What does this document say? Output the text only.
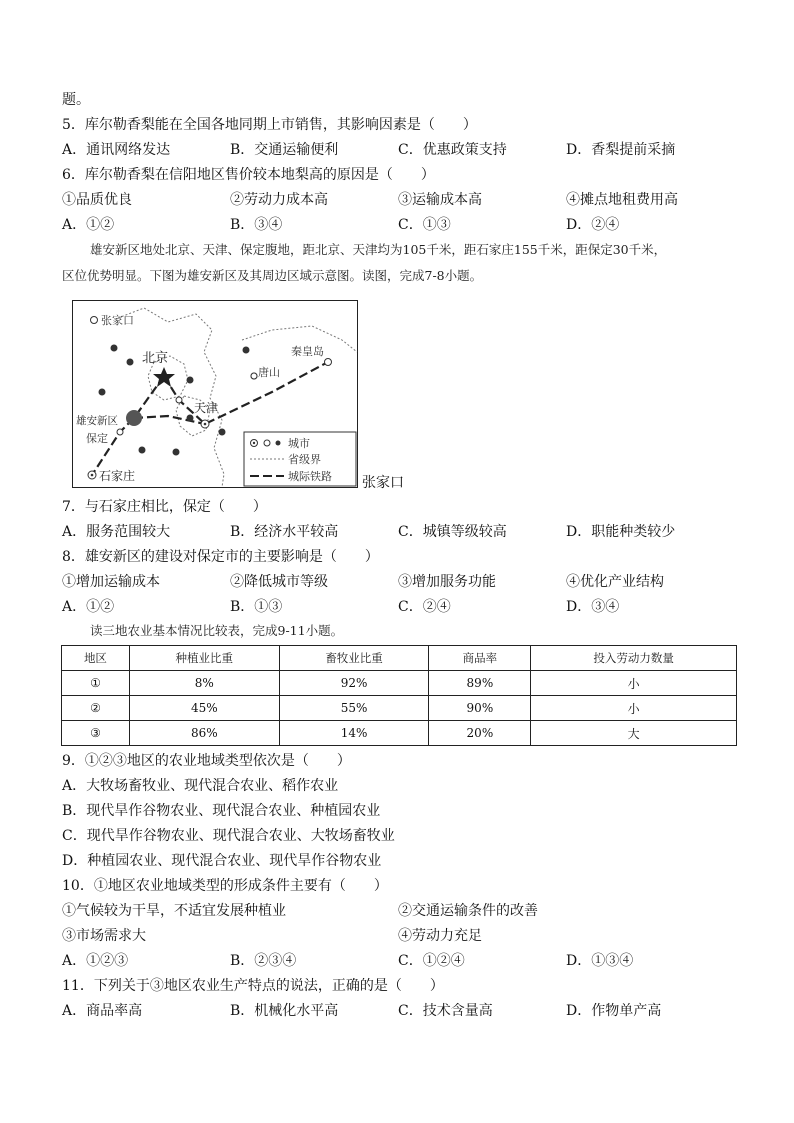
题。
5．库尔勒香梨能在全国各地同期上市销售，其影响因素是（　　）
A．通讯网络发达	B．交通运输便利	C．优惠政策支持	D．香梨提前采摘
6．库尔勒香梨在信阳地区售价较本地梨高的原因是（　　）
①品质优良	②劳动力成本高	③运输成本高	④摊点地租费用高
A．①②	B．③④	C．①③	D．②④
雄安新区地处北京、天津、保定腹地，距北京、天津均为105千米，距石家庄155千米，距保定30千米，
区位优势明显。下图为雄安新区及其周边区域示意图。读图，完成7-8小题。
张家口
北京	秦皇岛
唐山
天津
雄安新区
保定
石家庄
城市
省级界
城际铁路 张家口
7．与石家庄相比，保定（　　）
A．服务范围较大	B．经济水平较高	C．城镇等级较高	D．职能种类较少
8．雄安新区的建设对保定市的主要影响是（　　）
①增加运输成本	②降低城市等级	③增加服务功能	④优化产业结构
A．①②	B．①③	C．②④	D．③④
读三地农业基本情况比较表，完成9-11小题。
地区	种植业比重	畜牧业比重	商品率	投入劳动力数量
①	8%	92%	89%	小
②	45%	55%	90%	小
③	86%	14%	20%	大
9．①②③地区的农业地域类型依次是（　　）
A．大牧场畜牧业、现代混合农业、稻作农业
B．现代旱作谷物农业、现代混合农业、种植园农业
C．现代旱作谷物农业、现代混合农业、大牧场畜牧业
D．种植园农业、现代混合农业、现代旱作谷物农业
10．①地区农业地域类型的形成条件主要有（　　）
①气候较为干旱，不适宜发展种植业	②交通运输条件的改善
③市场需求大	④劳动力充足
A．①②③	B．②③④	C．①②④	D．①③④
11．下列关于③地区农业生产特点的说法，正确的是（　　）
A．商品率高	B．机械化水平高	C．技术含量高	D．作物单产高
